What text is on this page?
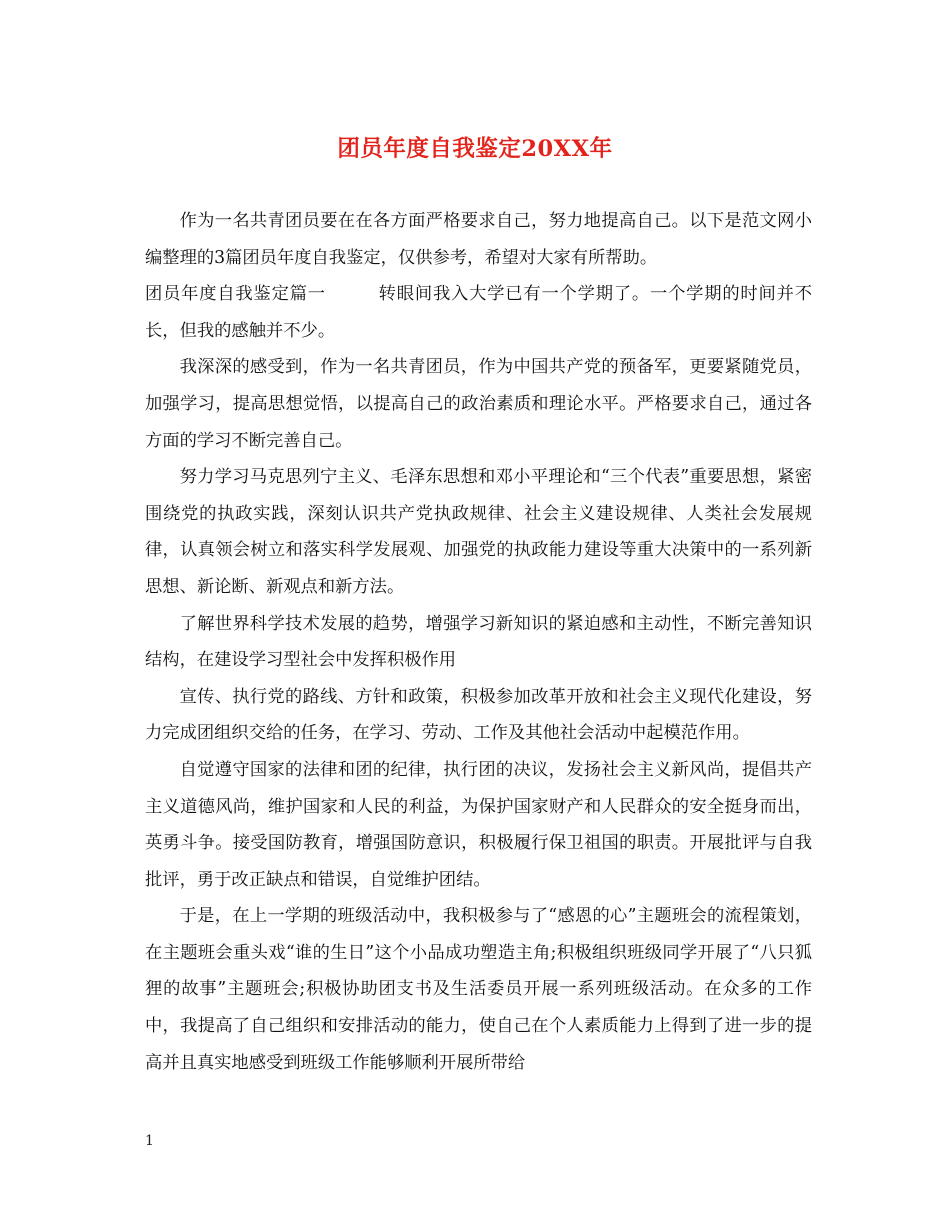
团员年度自我鉴定20XX年

作为一名共青团员要在在各方面严格要求自己，努力地提高自己。以下是范文网小编整理的3篇团员年度自我鉴定，仅供参考，希望对大家有所帮助。

团员年度自我鉴定篇一	转眼间我入大学已有一个学期了。一个学期的时间并不长，但我的感触并不少。

我深深的感受到，作为一名共青团员，作为中国共产党的预备军，更要紧随党员，加强学习，提高思想觉悟，以提高自己的政治素质和理论水平。严格要求自己，通过各方面的学习不断完善自己。

努力学习马克思列宁主义、毛泽东思想和邓小平理论和“三个代表”重要思想，紧密围绕党的执政实践，深刻认识共产党执政规律、社会主义建设规律、人类社会发展规律，认真领会树立和落实科学发展观、加强党的执政能力建设等重大决策中的一系列新思想、新论断、新观点和新方法。

了解世界科学技术发展的趋势，增强学习新知识的紧迫感和主动性，不断完善知识结构，在建设学习型社会中发挥积极作用

宣传、执行党的路线、方针和政策，积极参加改革开放和社会主义现代化建设，努力完成团组织交给的任务，在学习、劳动、工作及其他社会活动中起模范作用。

自觉遵守国家的法律和团的纪律，执行团的决议，发扬社会主义新风尚，提倡共产主义道德风尚，维护国家和人民的利益，为保护国家财产和人民群众的安全挺身而出，英勇斗争。接受国防教育，增强国防意识，积极履行保卫祖国的职责。开展批评与自我批评，勇于改正缺点和错误，自觉维护团结。

于是，在上一学期的班级活动中，我积极参与了“感恩的心”主题班会的流程策划，在主题班会重头戏“谁的生日”这个小品成功塑造主角;积极组织班级同学开展了“八只狐狸的故事”主题班会;积极协助团支书及生活委员开展一系列班级活动。在众多的工作中，我提高了自己组织和安排活动的能力，使自己在个人素质能力上得到了进一步的提高并且真实地感受到班级工作能够顺利开展所带给

1
